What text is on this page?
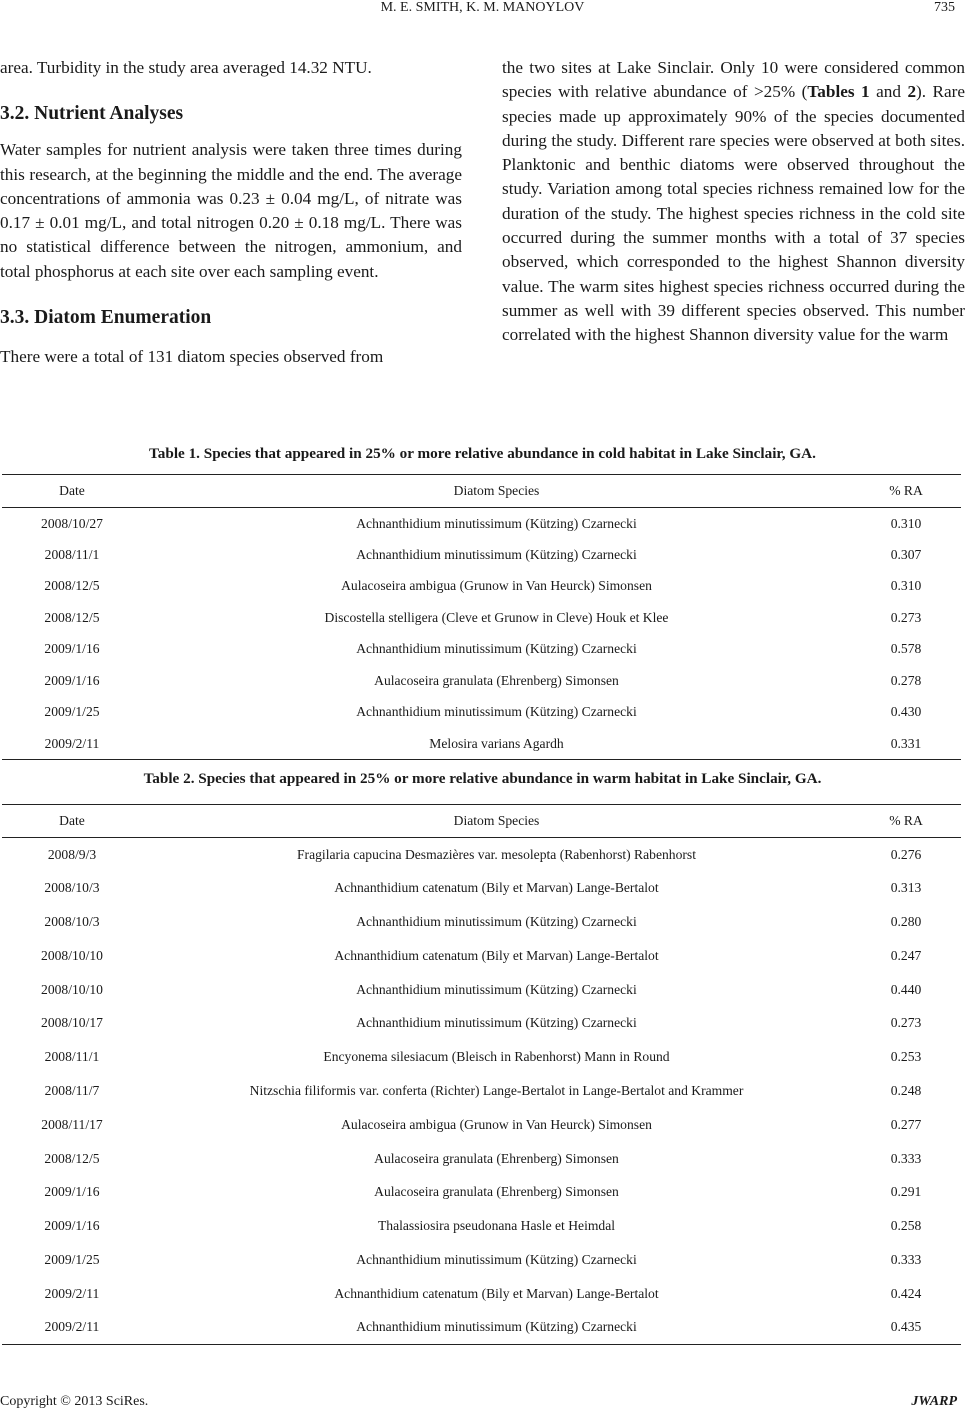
M. E. SMITH, K. M. MANOYLOV	735

area. Turbidity in the study area averaged 14.32 NTU.

3.2. Nutrient Analyses

Water samples for nutrient analysis were taken three times during this research, at the beginning the middle and the end. The average concentrations of ammonia was 0.23 ± 0.04 mg/L, of nitrate was 0.17 ± 0.01 mg/L, and total nitrogen 0.20 ± 0.18 mg/L. There was no statistical difference between the nitrogen, ammonium, and total phosphorus at each site over each sampling event.

3.3. Diatom Enumeration

There were a total of 131 diatom species observed from

the two sites at Lake Sinclair. Only 10 were considered common species with relative abundance of >25% (Tables 1 and 2). Rare species made up approximately 90% of the species documented during the study. Different rare species were observed at both sites. Planktonic and benthic diatoms were observed throughout the study. Variation among total species richness remained low for the duration of the study. The highest species richness in the cold site occurred during the summer months with a total of 37 species observed, which corresponded to the highest Shannon diversity value. The warm sites highest species richness occurred during the summer as well with 39 different species observed. This number correlated with the highest Shannon diversity value for the warm

Table 1. Species that appeared in 25% or more relative abundance in cold habitat in Lake Sinclair, GA.
Date	Diatom Species	% RA
2008/10/27	Achnanthidium minutissimum (Kützing) Czarnecki	0.310
2008/11/1	Achnanthidium minutissimum (Kützing) Czarnecki	0.307
2008/12/5	Aulacoseira ambigua (Grunow in Van Heurck) Simonsen	0.310
2008/12/5	Discostella stelligera (Cleve et Grunow in Cleve) Houk et Klee	0.273
2009/1/16	Achnanthidium minutissimum (Kützing) Czarnecki	0.578
2009/1/16	Aulacoseira granulata (Ehrenberg) Simonsen	0.278
2009/1/25	Achnanthidium minutissimum (Kützing) Czarnecki	0.430
2009/2/11	Melosira varians Agardh	0.331
Table 2. Species that appeared in 25% or more relative abundance in warm habitat in Lake Sinclair, GA.
Date	Diatom Species	% RA
2008/9/3	Fragilaria capucina Desmazières var. mesolepta (Rabenhorst) Rabenhorst	0.276
2008/10/3	Achnanthidium catenatum (Bily et Marvan) Lange-Bertalot	0.313
2008/10/3	Achnanthidium minutissimum (Kützing) Czarnecki	0.280
2008/10/10	Achnanthidium catenatum (Bily et Marvan) Lange-Bertalot	0.247
2008/10/10	Achnanthidium minutissimum (Kützing) Czarnecki	0.440
2008/10/17	Achnanthidium minutissimum (Kützing) Czarnecki	0.273
2008/11/1	Encyonema silesiacum (Bleisch in Rabenhorst) Mann in Round	0.253
2008/11/7	Nitzschia filiformis var. conferta (Richter) Lange-Bertalot in Lange-Bertalot and Krammer	0.248
2008/11/17	Aulacoseira ambigua (Grunow in Van Heurck) Simonsen	0.277
2008/12/5	Aulacoseira granulata (Ehrenberg) Simonsen	0.333
2009/1/16	Aulacoseira granulata (Ehrenberg) Simonsen	0.291
2009/1/16	Thalassiosira pseudonana Hasle et Heimdal	0.258
2009/1/25	Achnanthidium minutissimum (Kützing) Czarnecki	0.333
2009/2/11	Achnanthidium catenatum (Bily et Marvan) Lange-Bertalot	0.424
2009/2/11	Achnanthidium minutissimum (Kützing) Czarnecki	0.435
Copyright © 2013 SciRes.	JWARP
